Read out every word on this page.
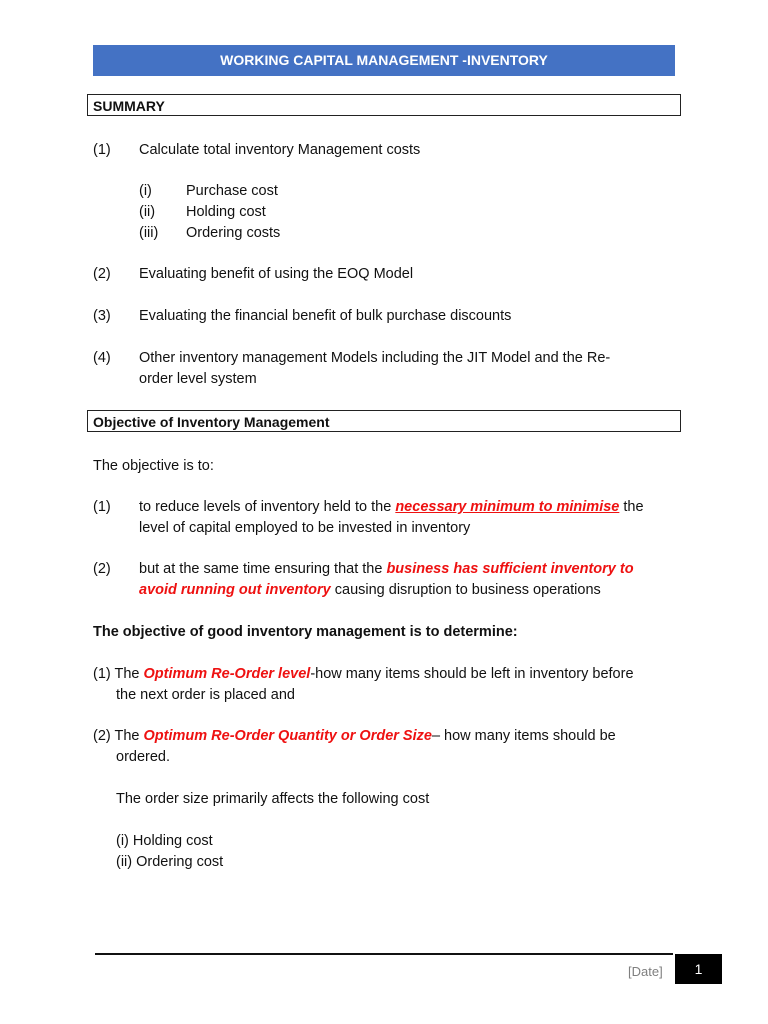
WORKING CAPITAL MANAGEMENT -INVENTORY
SUMMARY
(1) Calculate total inventory Management costs
(i) Purchase cost
(ii) Holding cost
(iii) Ordering costs
(2) Evaluating benefit of using the EOQ Model
(3) Evaluating the financial benefit of bulk purchase discounts
(4) Other inventory management Models including the JIT Model and the Re-
order level system
Objective of Inventory Management
The objective is to:
(1) to reduce levels of inventory held to the necessary minimum to minimise the
level of capital employed to be invested in inventory
(2) but at the same time ensuring that the business has sufficient inventory to
avoid running out inventory causing disruption to business operations
The objective of good inventory management is to determine:
(1) The Optimum Re-Order level-how many items should be left in inventory before
the next order is placed and
(2) The Optimum Re-Order Quantity or Order Size– how many items should be
ordered.
The order size primarily affects the following cost
(i) Holding cost
(ii) Ordering cost
[Date]	1
